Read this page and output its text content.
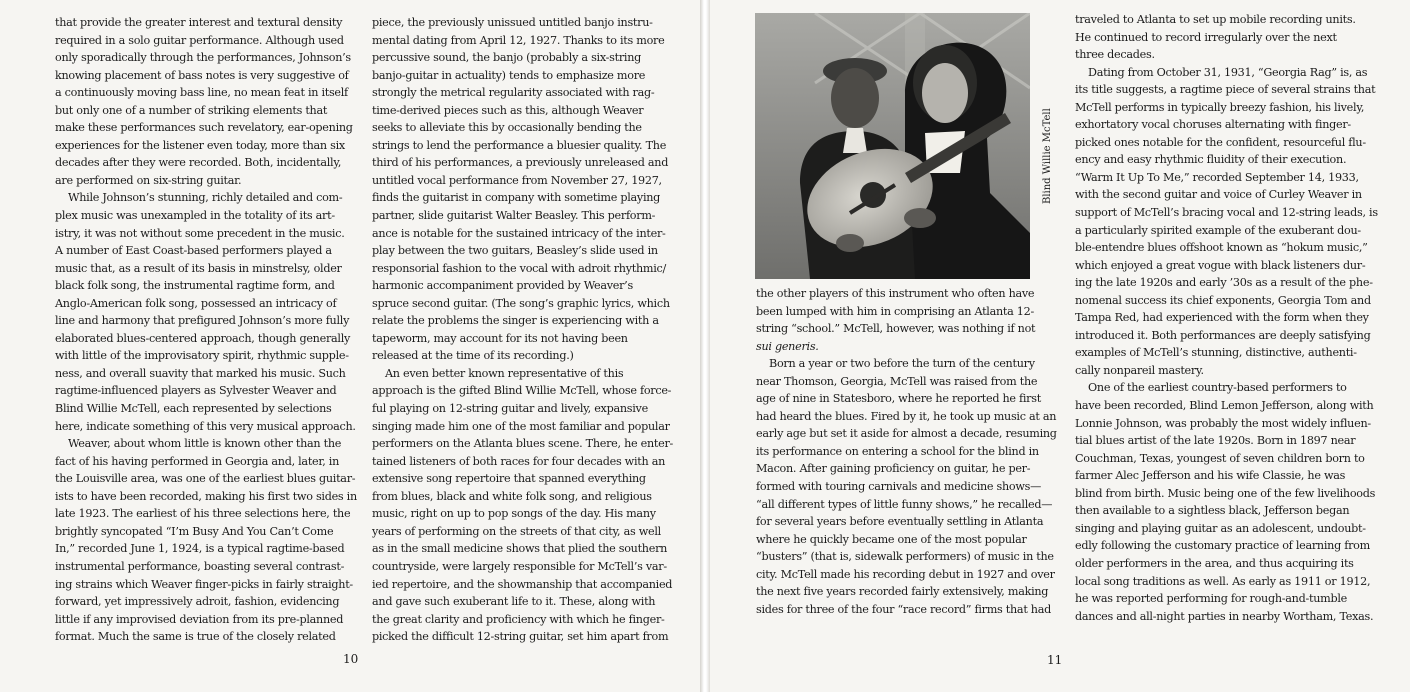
that provide the greater interest and textural density
required in a solo guitar performance. Although used
only sporadically through the performances, Johnson’s
knowing placement of bass notes is very suggestive of
a continuously moving bass line, no mean feat in itself
but only one of a number of striking elements that
make these performances such revelatory, ear-opening
experiences for the listener even today, more than six
decades after they were recorded. Both, incidentally,
are performed on six-string guitar.

While Johnson’s stunning, richly detailed and com-
plex music was unexampled in the totality of its art-
istry, it was not without some precedent in the music.
A number of East Coast-based performers played a
music that, as a result of its basis in minstrelsy, older
black folk song, the instrumental ragtime form, and
Anglo-American folk song, possessed an intricacy of
line and harmony that prefigured Johnson’s more fully
elaborated blues-centered approach, though generally
with little of the improvisatory spirit, rhythmic supple-
ness, and overall suavity that marked his music. Such
ragtime-influenced players as Sylvester Weaver and
Blind Willie McTell, each represented by selections
here, indicate something of this very musical approach.

Weaver, about whom little is known other than the
fact of his having performed in Georgia and, later, in
the Louisville area, was one of the earliest blues guitar-
ists to have been recorded, making his first two sides in
late 1923. The earliest of his three selections here, the
brightly syncopated “I’m Busy And You Can’t Come
In,” recorded June 1, 1924, is a typical ragtime-based
instrumental performance, boasting several contrast-
ing strains which Weaver finger-picks in fairly straight-
forward, yet impressively adroit, fashion, evidencing
little if any improvised deviation from its pre-planned
format. Much the same is true of the closely related

piece, the previously unissued untitled banjo instru-
mental dating from April 12, 1927. Thanks to its more
percussive sound, the banjo (probably a six-string
banjo-guitar in actuality) tends to emphasize more
strongly the metrical regularity associated with rag-
time-derived pieces such as this, although Weaver
seeks to alleviate this by occasionally bending the
strings to lend the performance a bluesier quality. The
third of his performances, a previously unreleased and
untitled vocal performance from November 27, 1927,
finds the guitarist in company with sometime playing
partner, slide guitarist Walter Beasley. This perform-
ance is notable for the sustained intricacy of the inter-
play between the two guitars, Beasley’s slide used in
responsorial fashion to the vocal with adroit rhythmic/
harmonic accompaniment provided by Weaver’s
spruce second guitar. (The song’s graphic lyrics, which
relate the problems the singer is experiencing with a
tapeworm, may account for its not having been
released at the time of its recording.)

An even better known representative of this
approach is the gifted Blind Willie McTell, whose force-
ful playing on 12-string guitar and lively, expansive
singing made him one of the most familiar and popular
performers on the Atlanta blues scene. There, he enter-
tained listeners of both races for four decades with an
extensive song repertoire that spanned everything
from blues, black and white folk song, and religious
music, right on up to pop songs of the day. His many
years of performing on the streets of that city, as well
as in the small medicine shows that plied the southern
countryside, were largely responsible for McTell’s var-
ied repertoire, and the showmanship that accompanied
and gave such exuberant life to it. These, along with
the great clarity and proficiency with which he finger-
picked the difficult 12-string guitar, set him apart from

10
Blind Willie McTell

the other players of this instrument who often have
been lumped with him in comprising an Atlanta 12-
string “school.” McTell, however, was nothing if not
sui generis.

Born a year or two before the turn of the century
near Thomson, Georgia, McTell was raised from the
age of nine in Statesboro, where he reported he first
had heard the blues. Fired by it, he took up music at an
early age but set it aside for almost a decade, resuming
its performance on entering a school for the blind in
Macon. After gaining proficiency on guitar, he per-
formed with touring carnivals and medicine shows—
“all different types of little funny shows,” he recalled—
for several years before eventually settling in Atlanta
where he quickly became one of the most popular
“busters” (that is, sidewalk performers) of music in the
city. McTell made his recording debut in 1927 and over
the next five years recorded fairly extensively, making
sides for three of the four “race record” firms that had

traveled to Atlanta to set up mobile recording units.
He continued to record irregularly over the next
three decades.

Dating from October 31, 1931, “Georgia Rag” is, as
its title suggests, a ragtime piece of several strains that
McTell performs in typically breezy fashion, his lively,
exhortatory vocal choruses alternating with finger-
picked ones notable for the confident, resourceful flu-
ency and easy rhythmic fluidity of their execution.
“Warm It Up To Me,” recorded September 14, 1933,
with the second guitar and voice of Curley Weaver in
support of McTell’s bracing vocal and 12-string leads, is
a particularly spirited example of the exuberant dou-
ble-entendre blues offshoot known as “hokum music,”
which enjoyed a great vogue with black listeners dur-
ing the late 1920s and early ’30s as a result of the phe-
nomenal success its chief exponents, Georgia Tom and
Tampa Red, had experienced with the form when they
introduced it. Both performances are deeply satisfying
examples of McTell’s stunning, distinctive, authenti-
cally nonpareil mastery.

One of the earliest country-based performers to
have been recorded, Blind Lemon Jefferson, along with
Lonnie Johnson, was probably the most widely influen-
tial blues artist of the late 1920s. Born in 1897 near
Couchman, Texas, youngest of seven children born to
farmer Alec Jefferson and his wife Classie, he was
blind from birth. Music being one of the few livelihoods
then available to a sightless black, Jefferson began
singing and playing guitar as an adolescent, undoubt-
edly following the customary practice of learning from
older performers in the area, and thus acquiring its
local song traditions as well. As early as 1911 or 1912,
he was reported performing for rough-and-tumble
dances and all-night parties in nearby Wortham, Texas.

11
